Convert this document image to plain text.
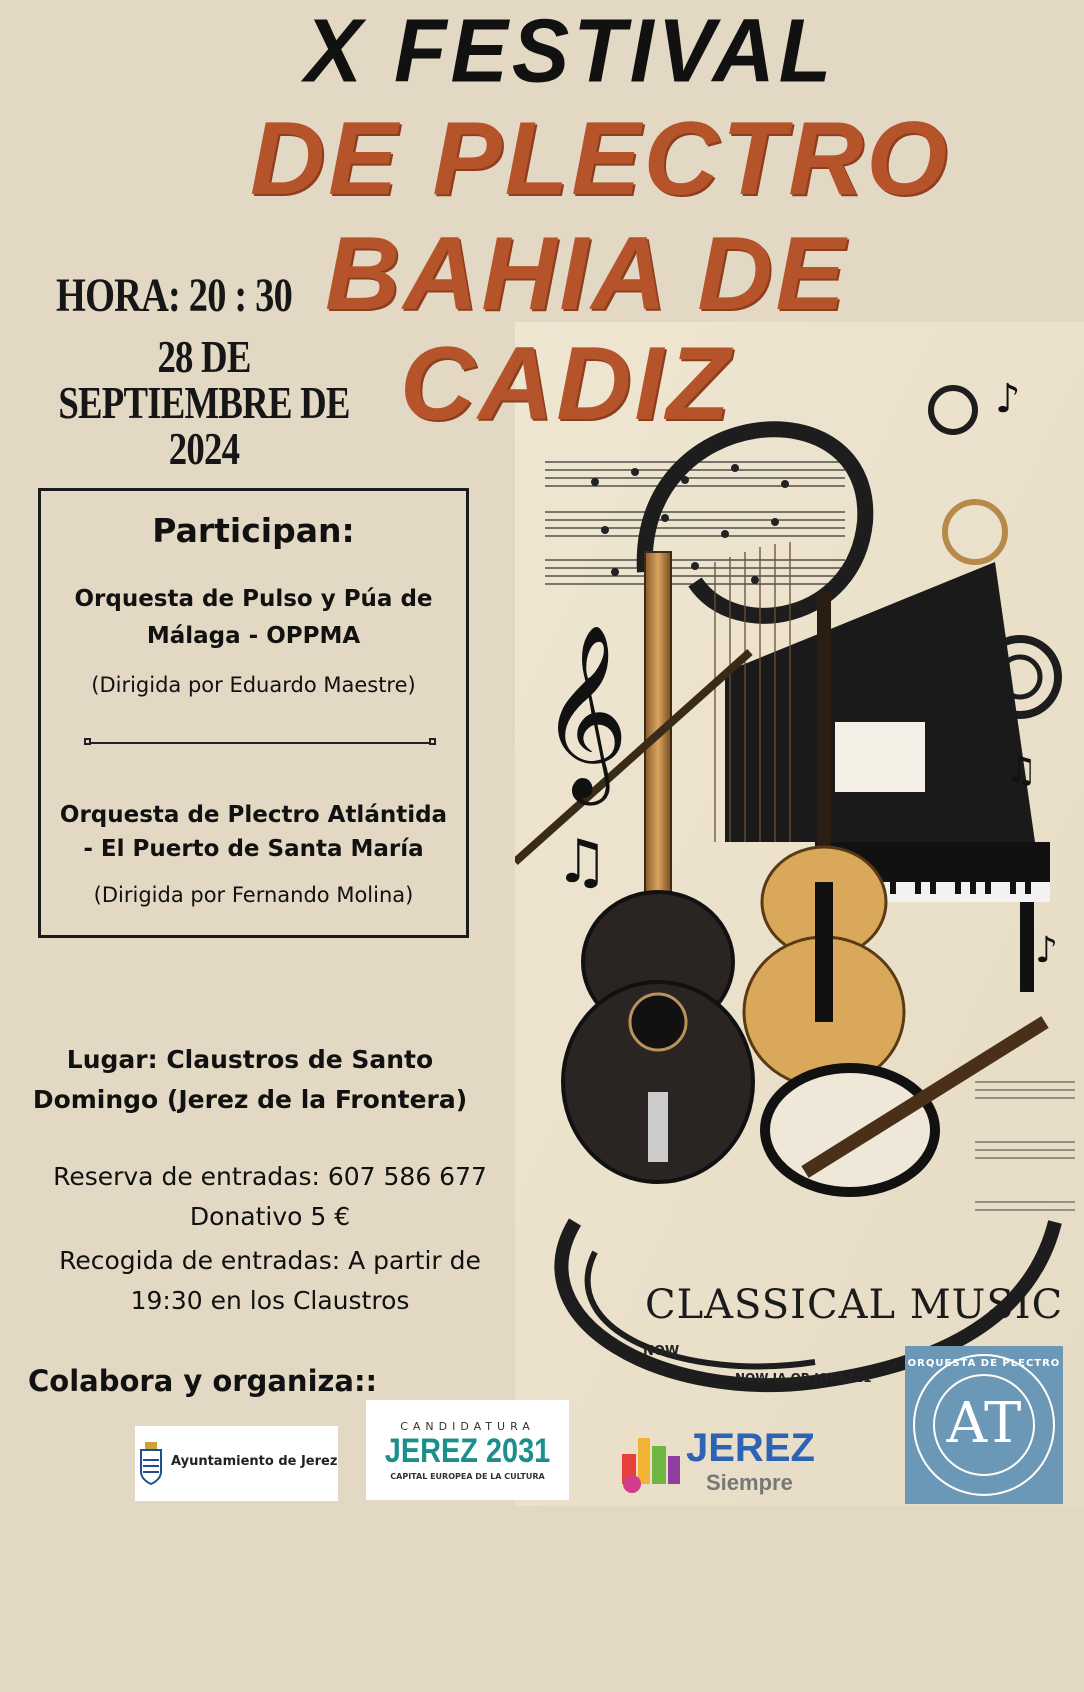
𝄞
♫
♪
♪
♫
CLASSICAL MUSIC
NOW
NOW IA QR JOBEZ21
X FESTIVAL
DE PLECTRO
BAHIA DE
CADIZ
HORA: 20 : 30
28 DE SEPTIEMBRE DE 2024
Participan:
Orquesta de Pulso y Púa de
Málaga - OPPMA
(Dirigida por Eduardo Maestre)
Orquesta de Plectro Atlántida
- El Puerto de Santa María
(Dirigida por Fernando Molina)
Lugar: Claustros de Santo
Domingo (Jerez de la Frontera)
Reserva de entradas: 607 586 677
Donativo 5 €
Recogida de entradas: A partir de
19:30 en los Claustros
Colabora y organiza::
Ayuntamiento de Jerez
CANDIDATURA
JEREZ 2031
CAPITAL EUROPEA DE LA CULTURA
JEREZ
Siempre
ORQUESTA DE PLECTRO
AT
